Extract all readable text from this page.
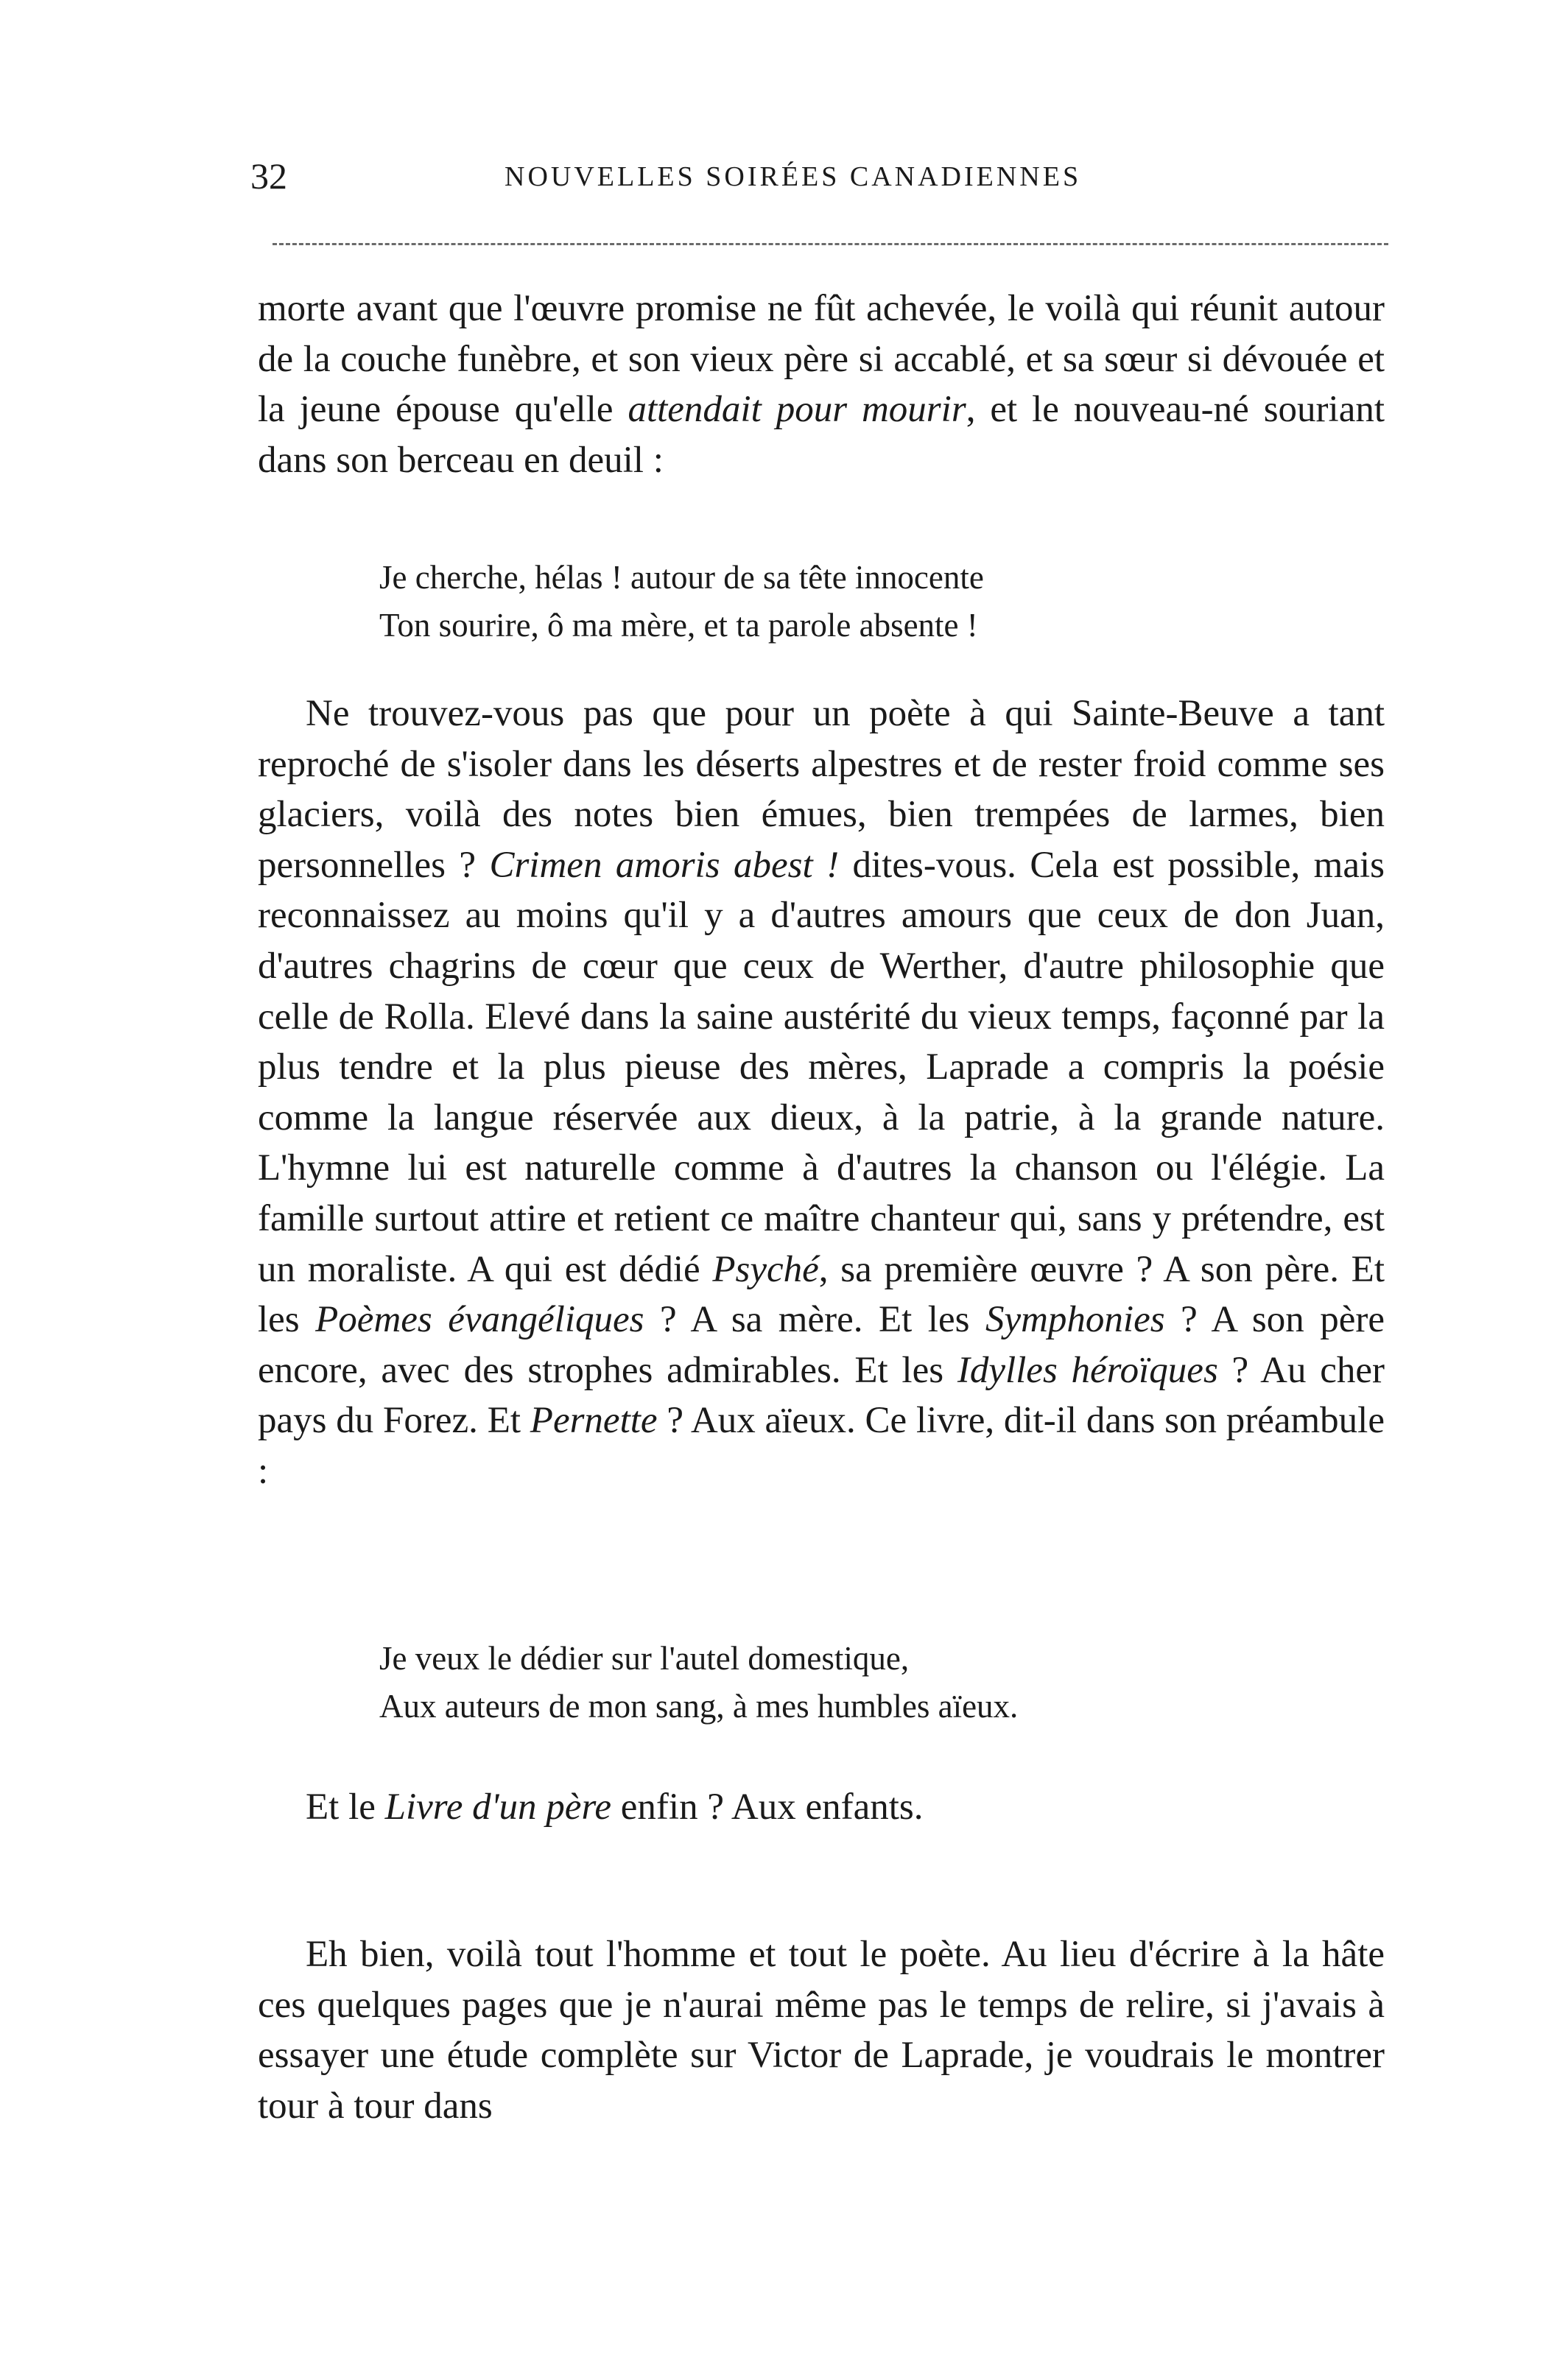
32	NOUVELLES SOIRÉES CANADIENNES
morte avant que l'œuvre promise ne fût achevée, le voilà qui réunit autour de la couche funèbre, et son vieux père si accablé, et sa sœur si dévouée et la jeune épouse qu'elle attendait pour mourir, et le nouveau-né souriant dans son berceau en deuil :
Je cherche, hélas ! autour de sa tête innocente
Ton sourire, ô ma mère, et ta parole absente !
Ne trouvez-vous pas que pour un poète à qui Sainte-Beuve a tant reproché de s'isoler dans les déserts alpestres et de rester froid comme ses glaciers, voilà des notes bien émues, bien trempées de larmes, bien personnelles ? Crimen amoris abest ! dites-vous. Cela est possible, mais reconnaissez au moins qu'il y a d'autres amours que ceux de don Juan, d'autres chagrins de cœur que ceux de Werther, d'autre philosophie que celle de Rolla. Elevé dans la saine austérité du vieux temps, façonné par la plus tendre et la plus pieuse des mères, Laprade a compris la poésie comme la langue réservée aux dieux, à la patrie, à la grande nature. L'hymne lui est naturelle comme à d'autres la chanson ou l'élégie. La famille surtout attire et retient ce maître chanteur qui, sans y prétendre, est un moraliste. A qui est dédié Psyché, sa première œuvre ? A son père. Et les Poèmes évangéliques ? A sa mère. Et les Symphonies ? A son père encore, avec des strophes admirables. Et les Idylles héroïques ? Au cher pays du Forez. Et Pernette ? Aux aïeux. Ce livre, dit-il dans son préambule :
Je veux le dédier sur l'autel domestique,
Aux auteurs de mon sang, à mes humbles aïeux.
Et le Livre d'un père enfin ? Aux enfants.
Eh bien, voilà tout l'homme et tout le poète. Au lieu d'écrire à la hâte ces quelques pages que je n'aurai même pas le temps de relire, si j'avais à essayer une étude complète sur Victor de Laprade, je voudrais le montrer tour à tour dans
